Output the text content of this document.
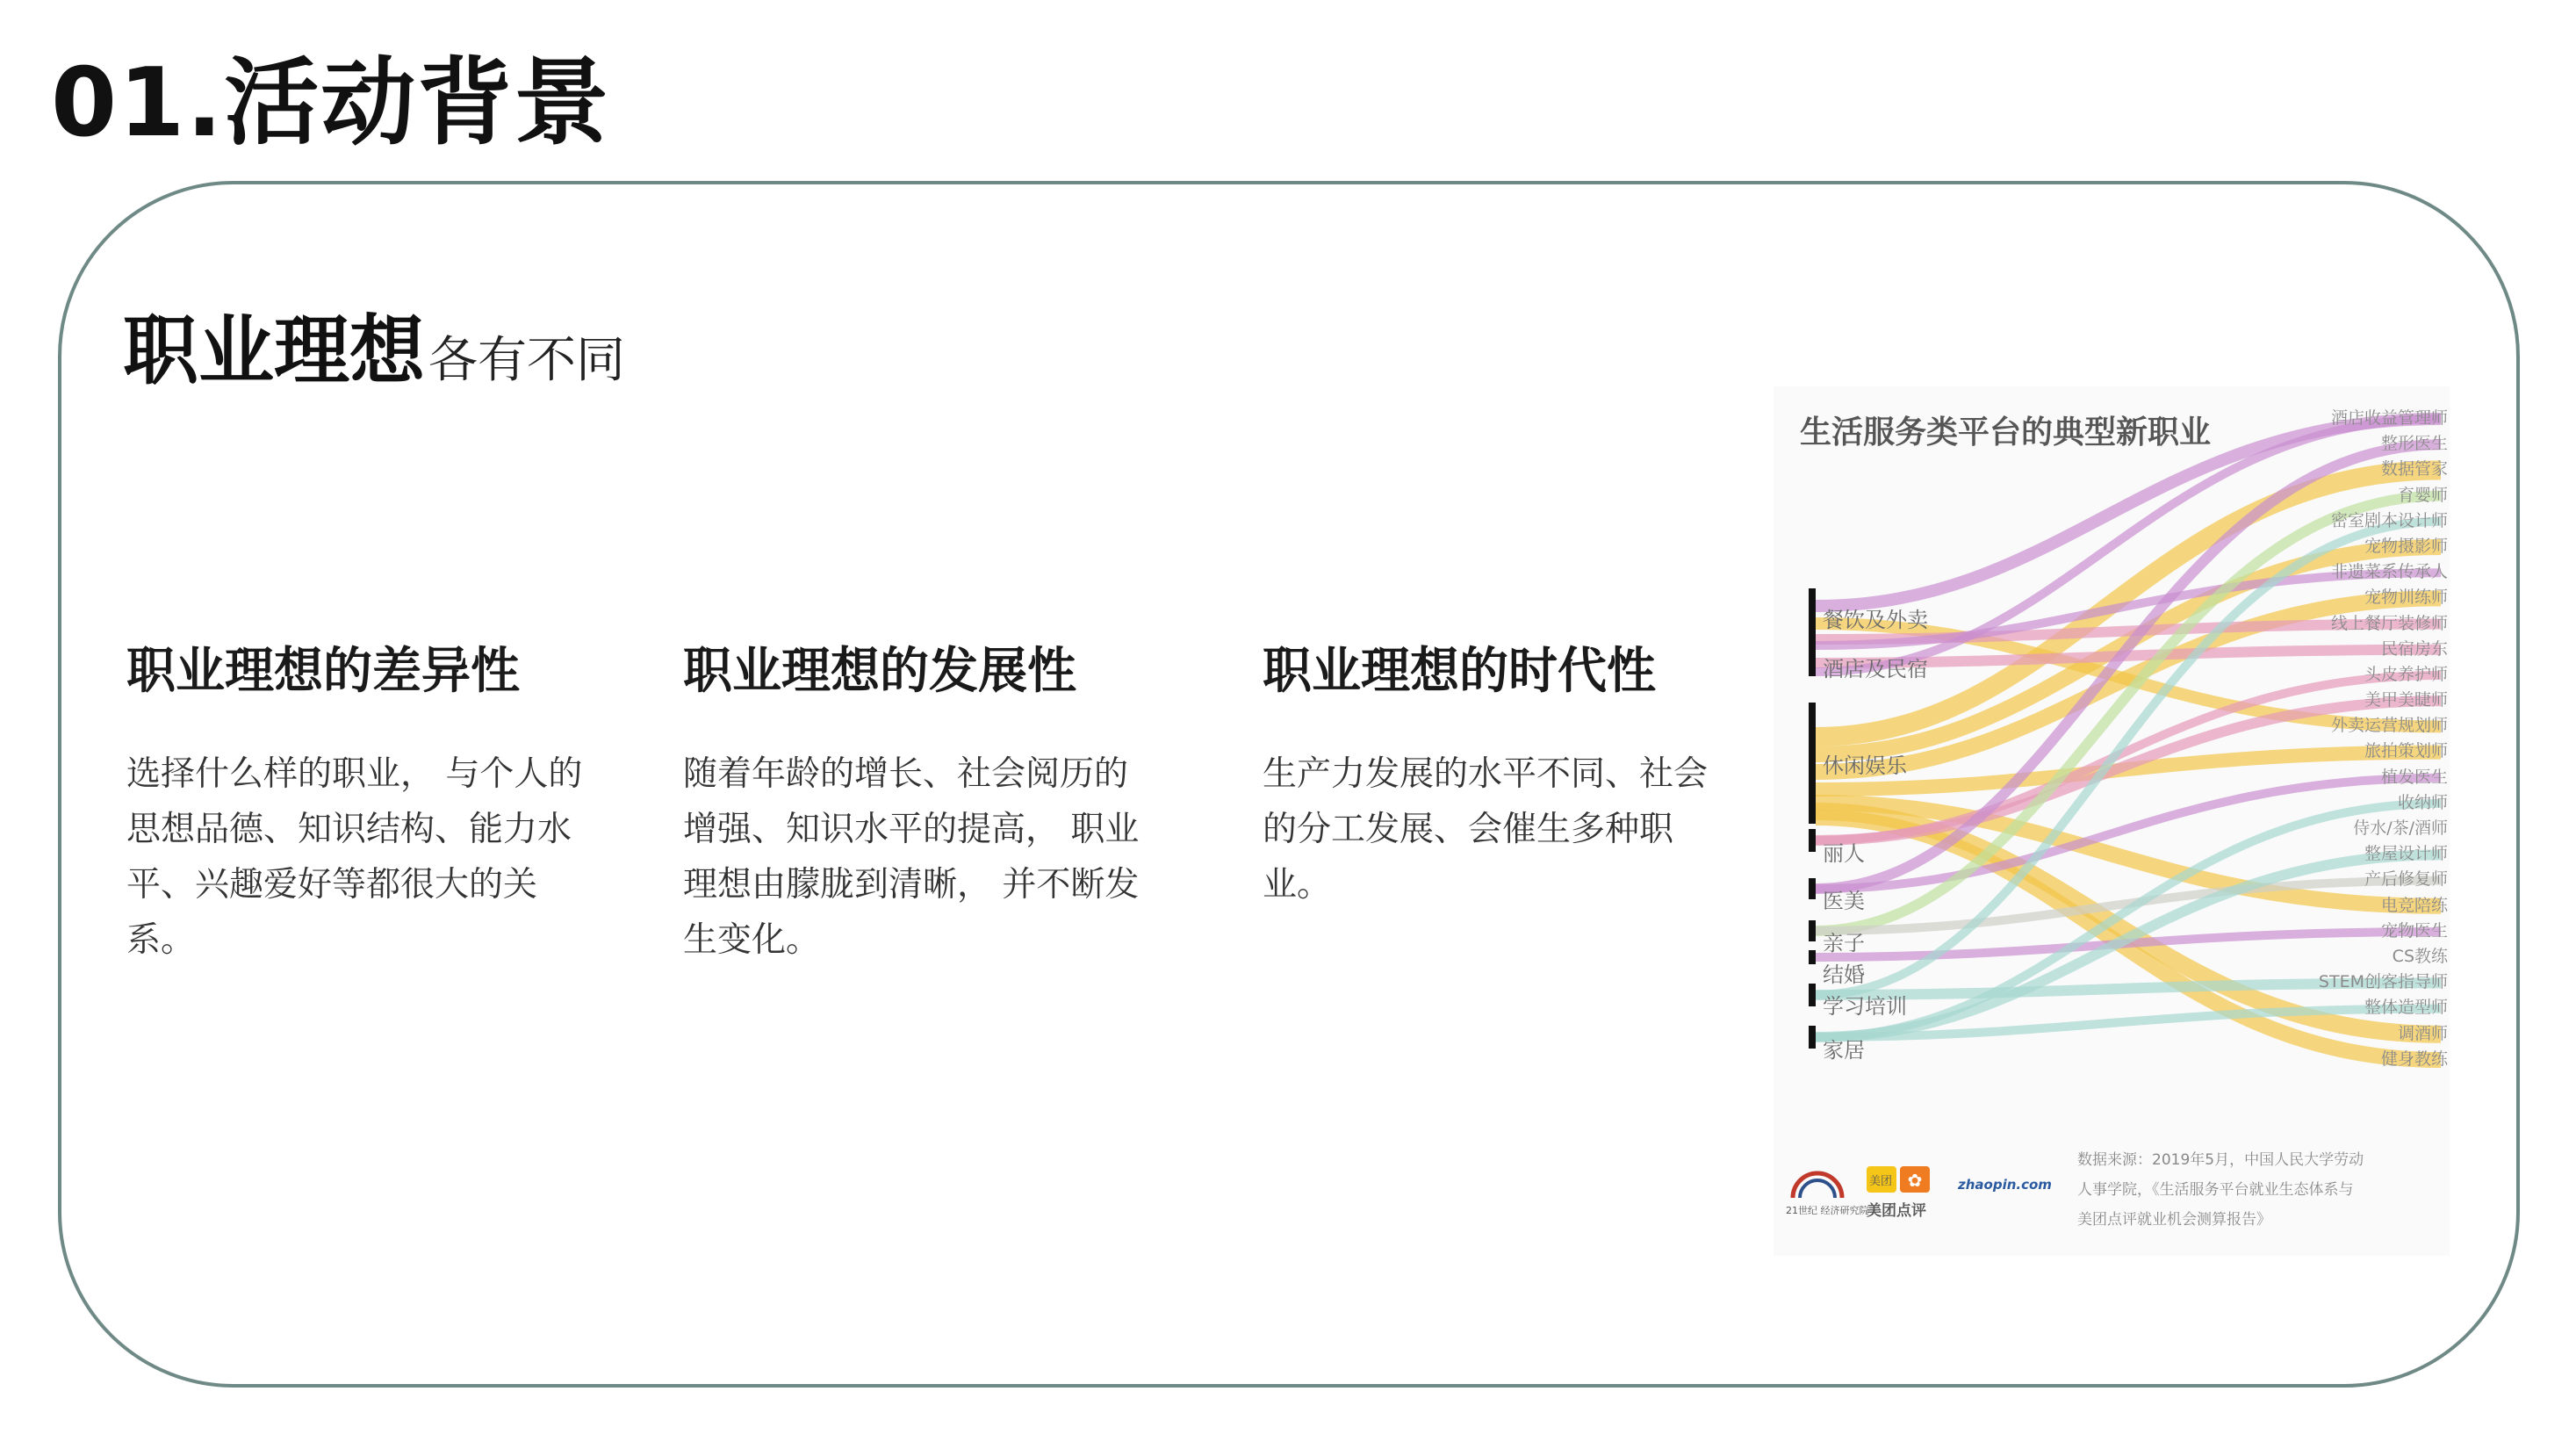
01.活动背景
职业理想各有不同
职业理想的差异性

选择什么样的职业， 与个人的思想品德、知识结构、能力水平、兴趣爱好等都很大的关系。

职业理想的发展性

随着年龄的增长、社会阅历的增强、知识水平的提高， 职业理想由朦胧到清晰， 并不断发生变化。

职业理想的时代性

生产力发展的水平不同、社会的分工发展、会催生多种职业。

生活服务类平台的典型新职业
餐饮及外卖
酒店及民宿
休闲娱乐
丽人
医美
亲子
结婚
学习培训
家居
酒店收益管理师
整形医生
数据管家
育婴师
密室剧本设计师
宠物摄影师
非遗菜系传承人
宠物训练师
线上餐厅装修师
民宿房东
头皮养护师
美甲美睫师
外卖运营规划师
旅拍策划师
植发医生
收纳师
侍水/茶/酒师
整屋设计师
产后修复师
电竞陪练
宠物医生
CS教练
STEM创客指导师
整体造型师
调酒师
健身教练
✿
21世纪 经济研究院
美团
美团点评
zhaopin.com
数据来源：2019年5月，中国人民大学劳动
人事学院，《生活服务平台就业生态体系与
美团点评就业机会测算报告》
